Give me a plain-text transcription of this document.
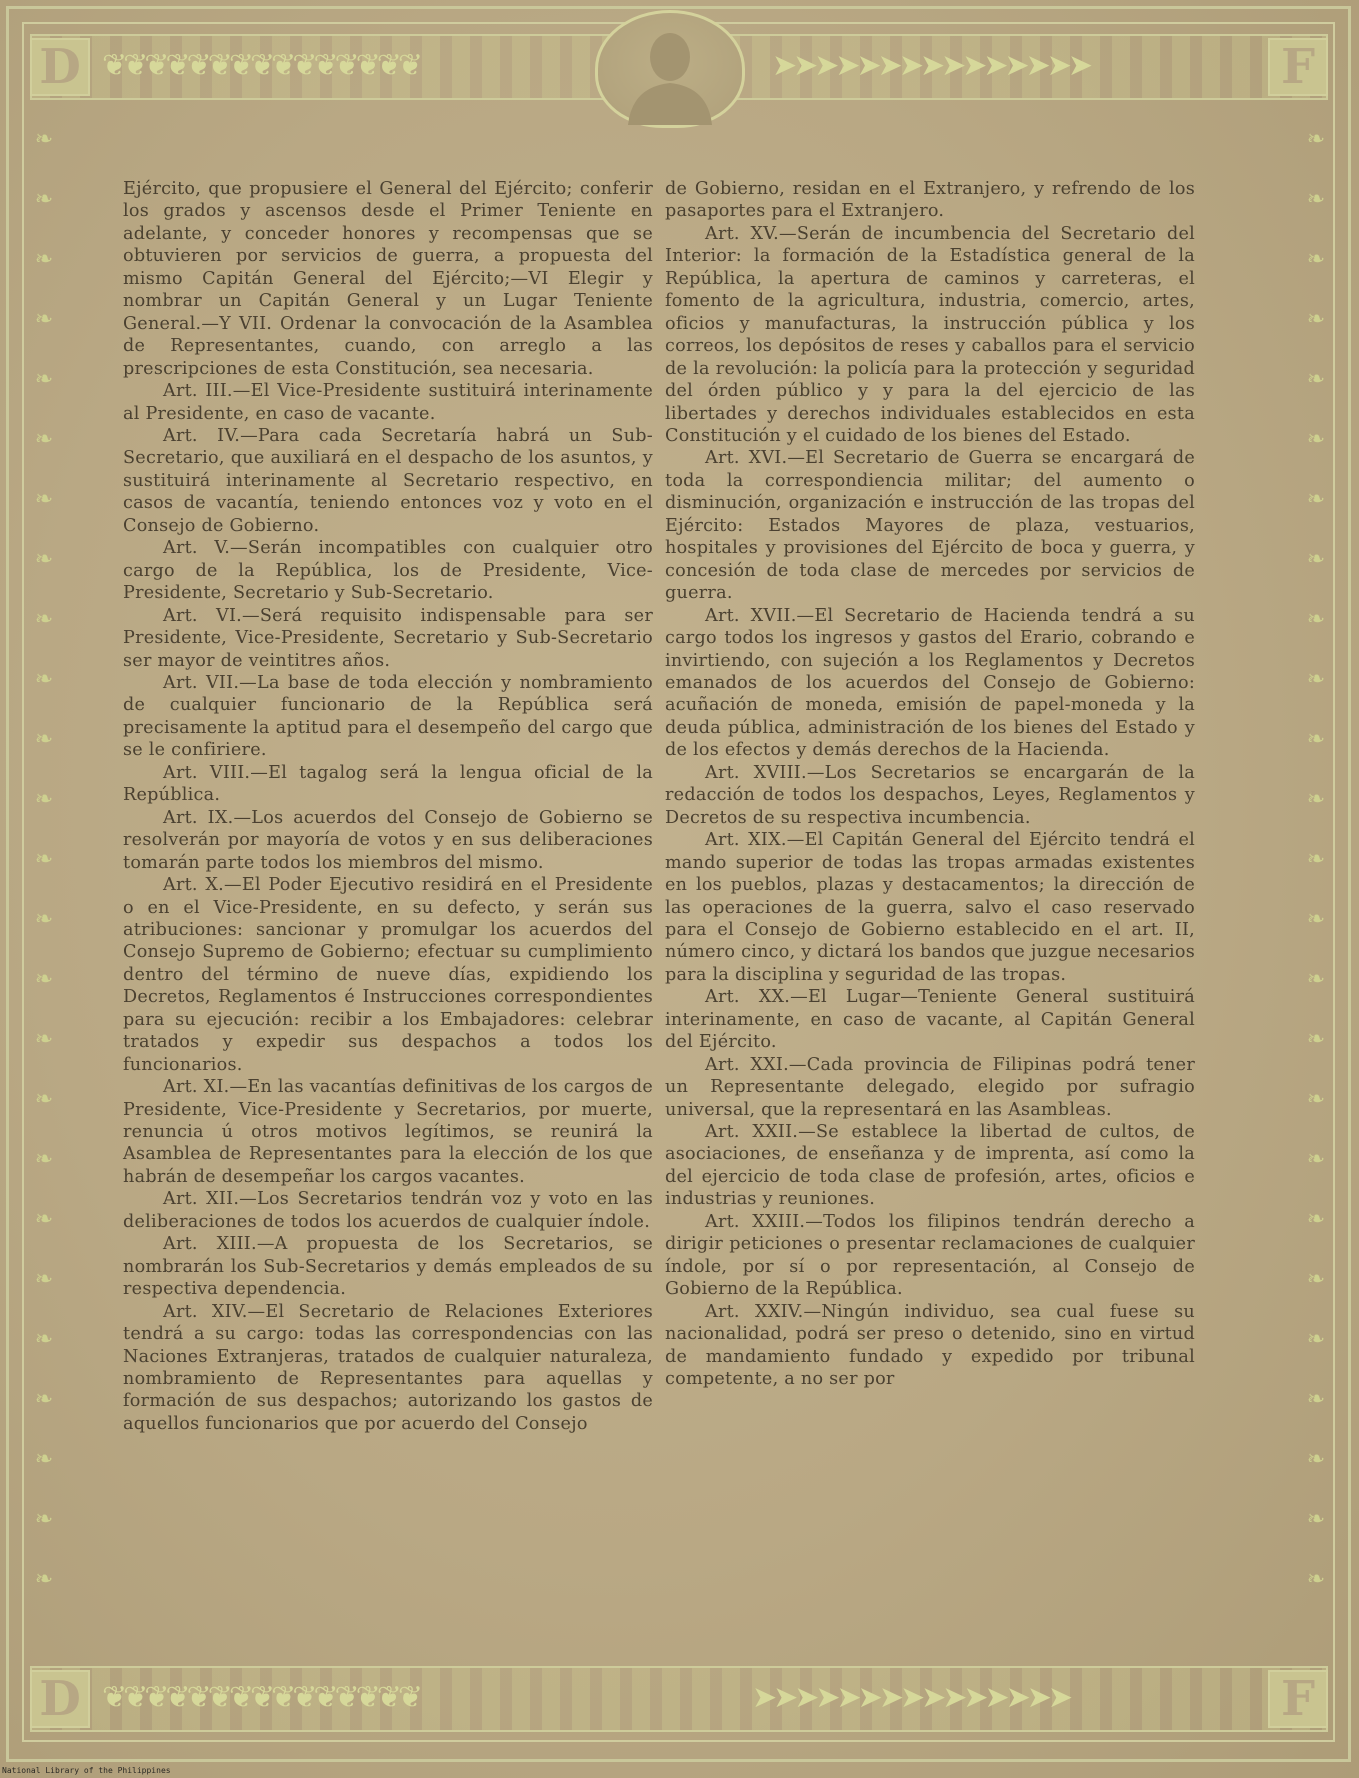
D ❦❦❦❦❦❦❦❦❦❦❦❦❦❦❦	➤➤➤➤➤➤➤➤➤➤➤➤➤➤➤	F
❧
❧
❧
❧
❧
❧
❧
❧
❧
❧
❧
❧
❧
❧
❧
❧
❧
❧
❧
❧
❧
❧
❧
❧
❧
❧
❧
❧
❧
❧
❧
❧
❧
❧
❧
❧
❧
❧
❧
❧
❧
❧
❧
❧
❧
❧
❧
❧
❧
❧

Ejército, que propusiere el General del Ejército; conferir los grados y ascensos desde el Primer Teniente en adelante, y conceder honores y recompensas que se obtuvieren por servicios de guerra, a propuesta del mismo Capitán General del Ejército;—VI Elegir y nombrar un Capitán General y un Lugar Teniente General.—Y VII. Ordenar la convocación de la Asamblea de Representantes, cuando, con arreglo a las prescripciones de esta Constitución, sea necesaria.

Art. III.—El Vice-Presidente sustituirá interinamente al Presidente, en caso de vacante.

Art. IV.—Para cada Secretaría habrá un Sub-Secretario, que auxiliará en el despacho de los asuntos, y sustituirá interinamente al Secretario respectivo, en casos de vacantía, teniendo entonces voz y voto en el Consejo de Gobierno.

Art. V.—Serán incompatibles con cualquier otro cargo de la República, los de Presidente, Vice-Presidente, Secretario y Sub-Secretario.

Art. VI.—Será requisito indispensable para ser Presidente, Vice-Presidente, Secretario y Sub-Secretario ser mayor de veintitres años.

Art. VII.—La base de toda elección y nombramiento de cualquier funcionario de la República será precisamente la aptitud para el desempeño del cargo que se le confiriere.

Art. VIII.—El tagalog será la lengua oficial de la República.

Art. IX.—Los acuerdos del Consejo de Gobierno se resolverán por mayoría de votos y en sus deliberaciones tomarán parte todos los miembros del mismo.

Art. X.—El Poder Ejecutivo residirá en el Presidente o en el Vice-Presidente, en su defecto, y serán sus atribuciones: sancionar y promulgar los acuerdos del Consejo Supremo de Gobierno; efectuar su cumplimiento dentro del término de nueve días, expidiendo los Decretos, Reglamentos é Instrucciones correspondientes para su ejecución: recibir a los Embajadores: celebrar tratados y expedir sus despachos a todos los funcionarios.

Art. XI.—En las vacantías definitivas de los cargos de Presidente, Vice-Presidente y Secretarios, por muerte, renuncia ú otros motivos legítimos, se reunirá la Asamblea de Representantes para la elección de los que habrán de desempeñar los cargos vacantes.

Art. XII.—Los Secretarios tendrán voz y voto en las deliberaciones de todos los acuerdos de cualquier índole.

Art. XIII.—A propuesta de los Secretarios, se nombrarán los Sub-Secretarios y demás empleados de su respectiva dependencia.

Art. XIV.—El Secretario de Relaciones Exteriores tendrá a su cargo: todas las correspondencias con las Naciones Extranjeras, tratados de cualquier naturaleza, nombramiento de Representantes para aquellas y formación de sus despachos; autorizando los gastos de aquellos funcionarios que por acuerdo del Consejo

de Gobierno, residan en el Extranjero, y refrendo de los pasaportes para el Extranjero.

Art. XV.—Serán de incumbencia del Secretario del Interior: la formación de la Estadística general de la República, la apertura de caminos y carreteras, el fomento de la agricultura, industria, comercio, artes, oficios y manufacturas, la instrucción pública y los correos, los depósitos de reses y caballos para el servicio de la revolución: la policía para la protección y seguridad del órden público y y para la del ejercicio de las libertades y derechos individuales establecidos en esta Constitución y el cuidado de los bienes del Estado.

Art. XVI.—El Secretario de Guerra se encargará de toda la correspondiencia militar; del aumento o disminución, organización e instrucción de las tropas del Ejército: Estados Mayores de plaza, vestuarios, hospitales y provisiones del Ejército de boca y guerra, y concesión de toda clase de mercedes por servicios de guerra.

Art. XVII.—El Secretario de Hacienda tendrá a su cargo todos los ingresos y gastos del Erario, cobrando e invirtiendo, con sujeción a los Reglamentos y Decretos emanados de los acuerdos del Consejo de Gobierno: acuñación de moneda, emisión de papel-moneda y la deuda pública, administración de los bienes del Estado y de los efectos y demás derechos de la Hacienda.

Art. XVIII.—Los Secretarios se encargarán de la redacción de todos los despachos, Leyes, Reglamentos y Decretos de su respectiva incumbencia.

Art. XIX.—El Capitán General del Ejército tendrá el mando superior de todas las tropas armadas existentes en los pueblos, plazas y destacamentos; la dirección de las operaciones de la guerra, salvo el caso reservado para el Consejo de Gobierno establecido en el art. II, número cinco, y dictará los bandos que juzgue necesarios para la disciplina y seguridad de las tropas.

Art. XX.—El Lugar—Teniente General sustituirá interinamente, en caso de vacante, al Capitán General del Ejército.

Art. XXI.—Cada provincia de Filipinas podrá tener un Representante delegado, elegido por sufragio universal, que la representará en las Asambleas.

Art. XXII.—Se establece la libertad de cultos, de asociaciones, de enseñanza y de imprenta, así como la del ejercicio de toda clase de profesión, artes, oficios e industrias y reuniones.

Art. XXIII.—Todos los filipinos tendrán derecho a dirigir peticiones o presentar reclamaciones de cualquier índole, por sí o por representación, al Consejo de Gobierno de la República.

Art. XXIV.—Ningún individuo, sea cual fuese su nacionalidad, podrá ser preso o detenido, sino en virtud de mandamiento fundado y expedido por tribunal competente, a no ser por

D ❦❦❦❦❦❦❦❦❦❦❦❦❦❦❦	➤➤➤➤➤➤➤➤➤➤➤➤➤➤➤	F
National Library of the Philippines
